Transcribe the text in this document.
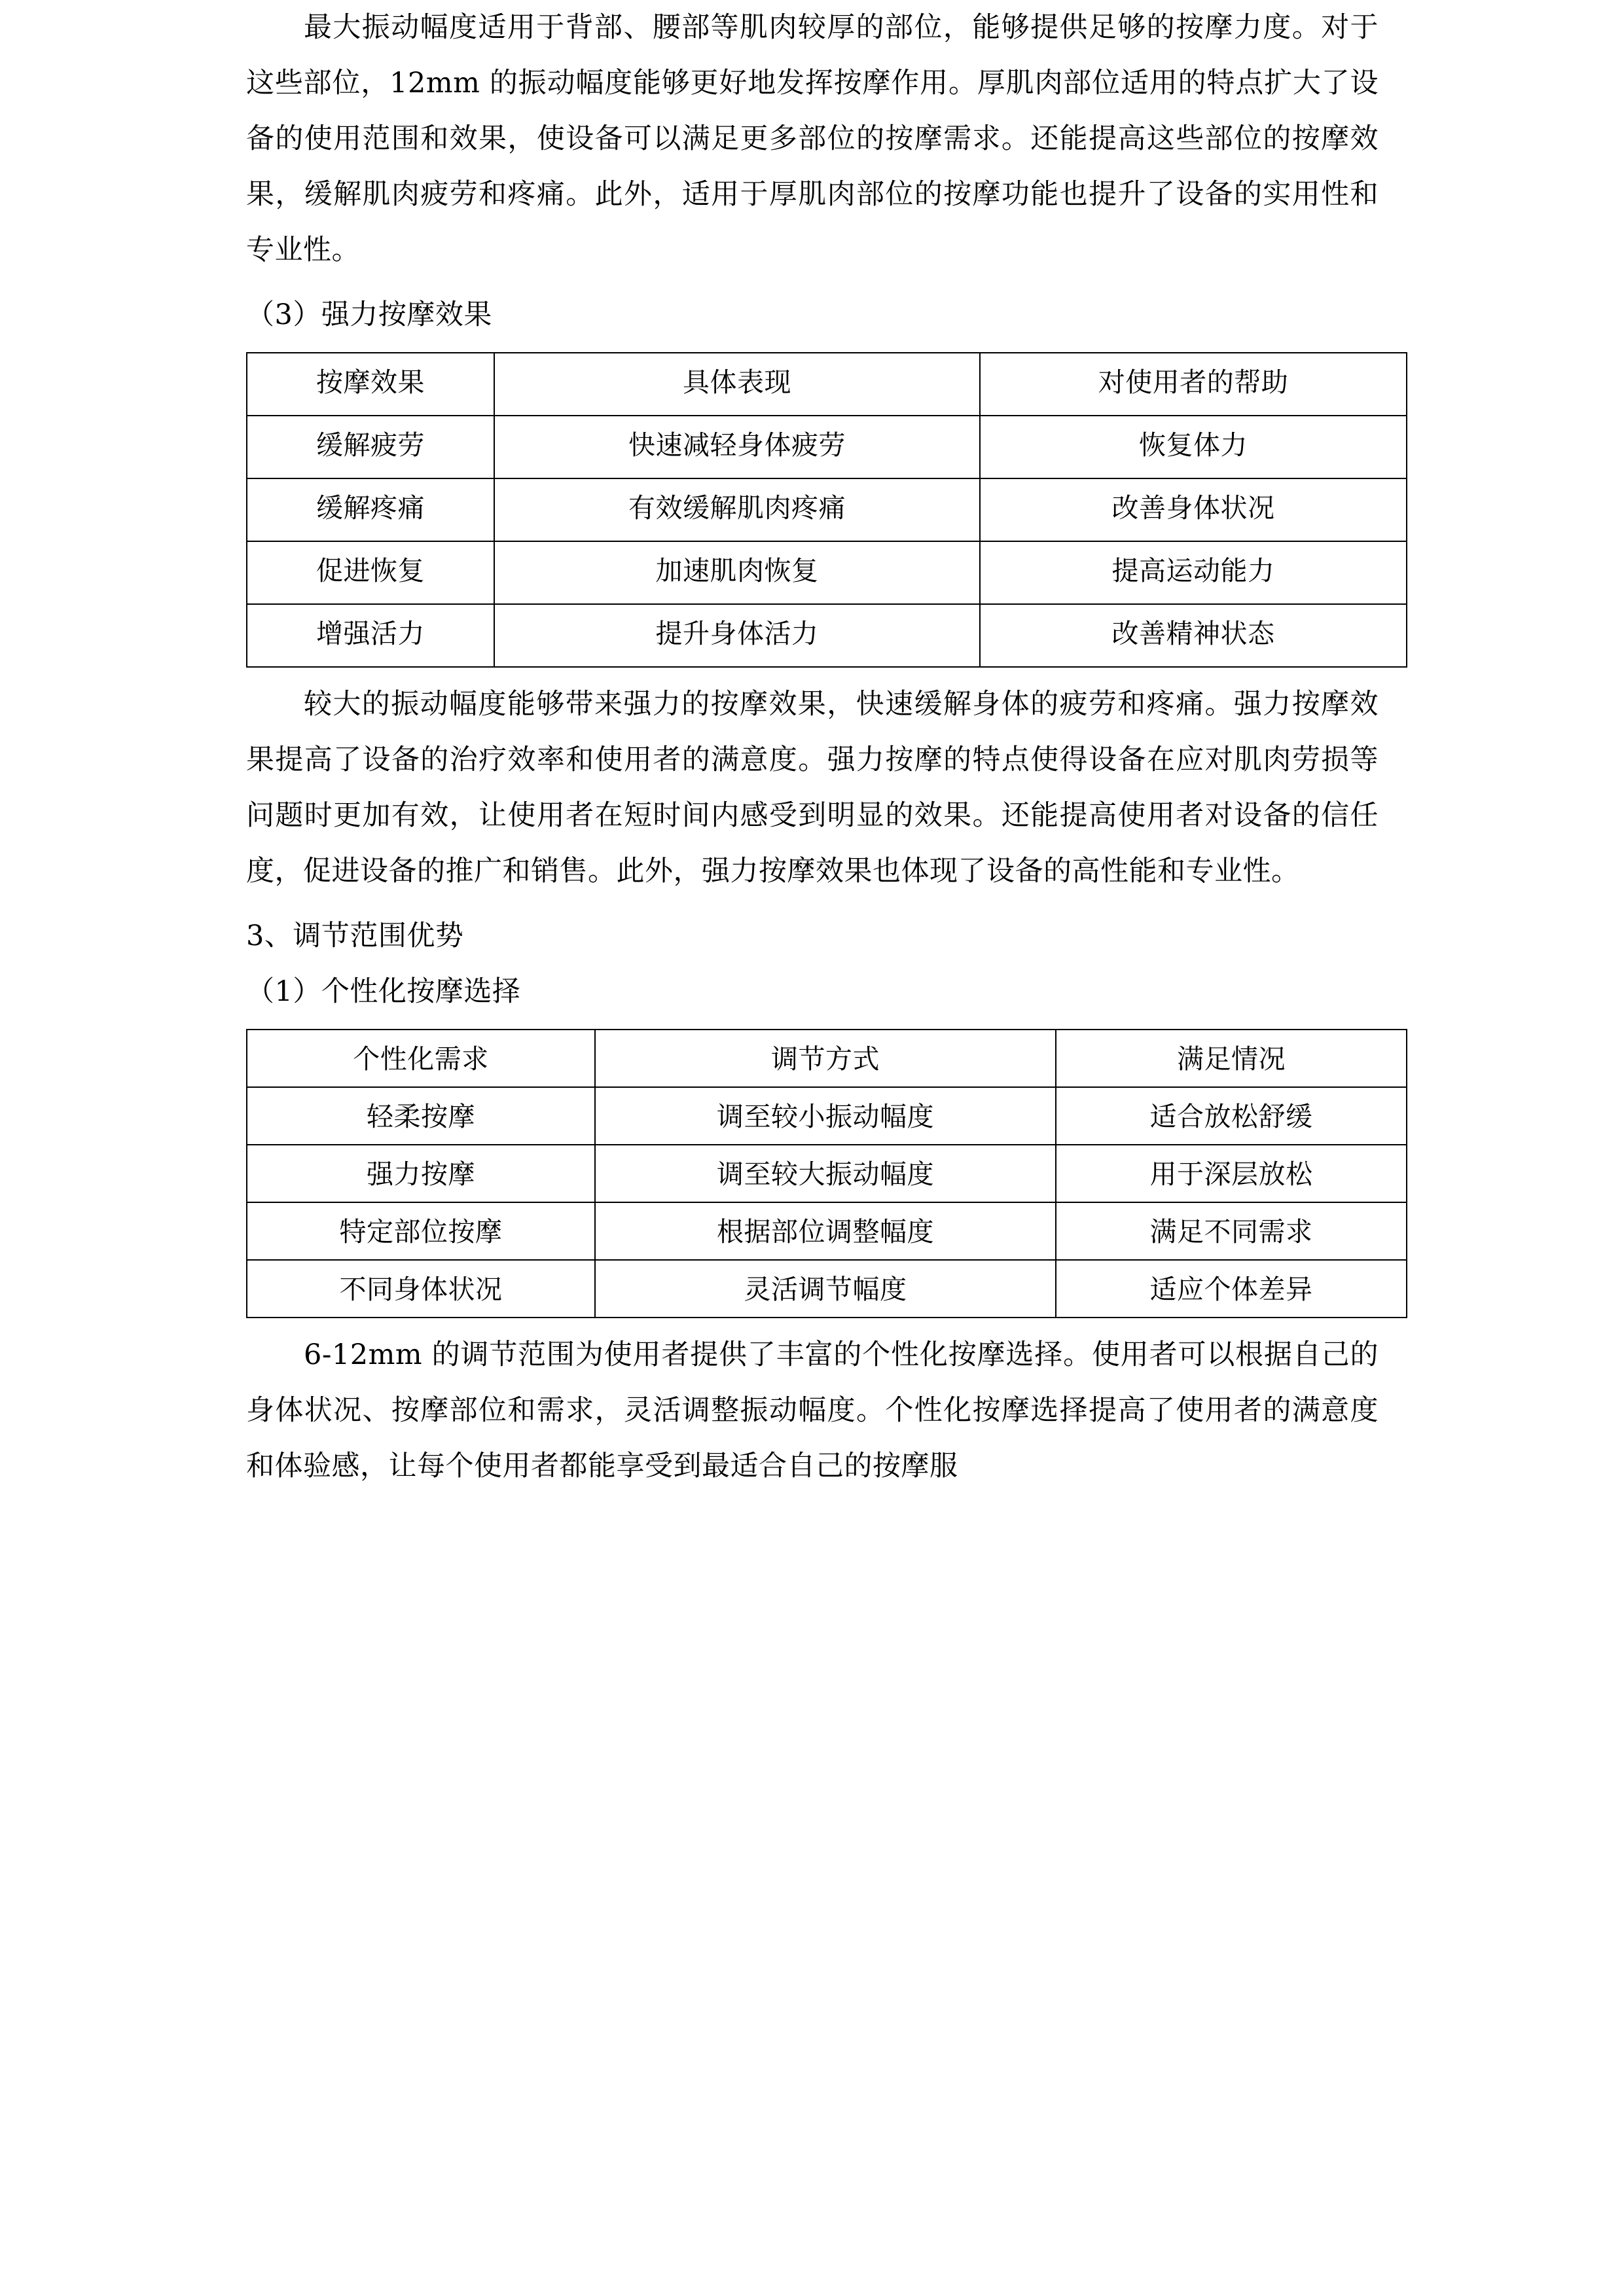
最大振动幅度适用于背部、腰部等肌肉较厚的部位，能够提供足够的按摩力度。对于这些部位，12mm 的振动幅度能够更好地发挥按摩作用。厚肌肉部位适用的特点扩大了设备的使用范围和效果，使设备可以满足更多部位的按摩需求。还能提高这些部位的按摩效果，缓解肌肉疲劳和疼痛。此外，适用于厚肌肉部位的按摩功能也提升了设备的实用性和专业性。

（3）强力按摩效果
按摩效果	具体表现	对使用者的帮助
缓解疲劳	快速减轻身体疲劳	恢复体力
缓解疼痛	有效缓解肌肉疼痛	改善身体状况
促进恢复	加速肌肉恢复	提高运动能力
增强活力	提升身体活力	改善精神状态

较大的振动幅度能够带来强力的按摩效果，快速缓解身体的疲劳和疼痛。强力按摩效果提高了设备的治疗效率和使用者的满意度。强力按摩的特点使得设备在应对肌肉劳损等问题时更加有效，让使用者在短时间内感受到明显的效果。还能提高使用者对设备的信任度，促进设备的推广和销售。此外，强力按摩效果也体现了设备的高性能和专业性。

3、调节范围优势
（1）个性化按摩选择
个性化需求	调节方式	满足情况
轻柔按摩	调至较小振动幅度	适合放松舒缓
强力按摩	调至较大振动幅度	用于深层放松
特定部位按摩	根据部位调整幅度	满足不同需求
不同身体状况	灵活调节幅度	适应个体差异

6-12mm 的调节范围为使用者提供了丰富的个性化按摩选择。使用者可以根据自己的身体状况、按摩部位和需求，灵活调整振动幅度。个性化按摩选择提高了使用者的满意度和体验感，让每个使用者都能享受到最适合自己的按摩服
